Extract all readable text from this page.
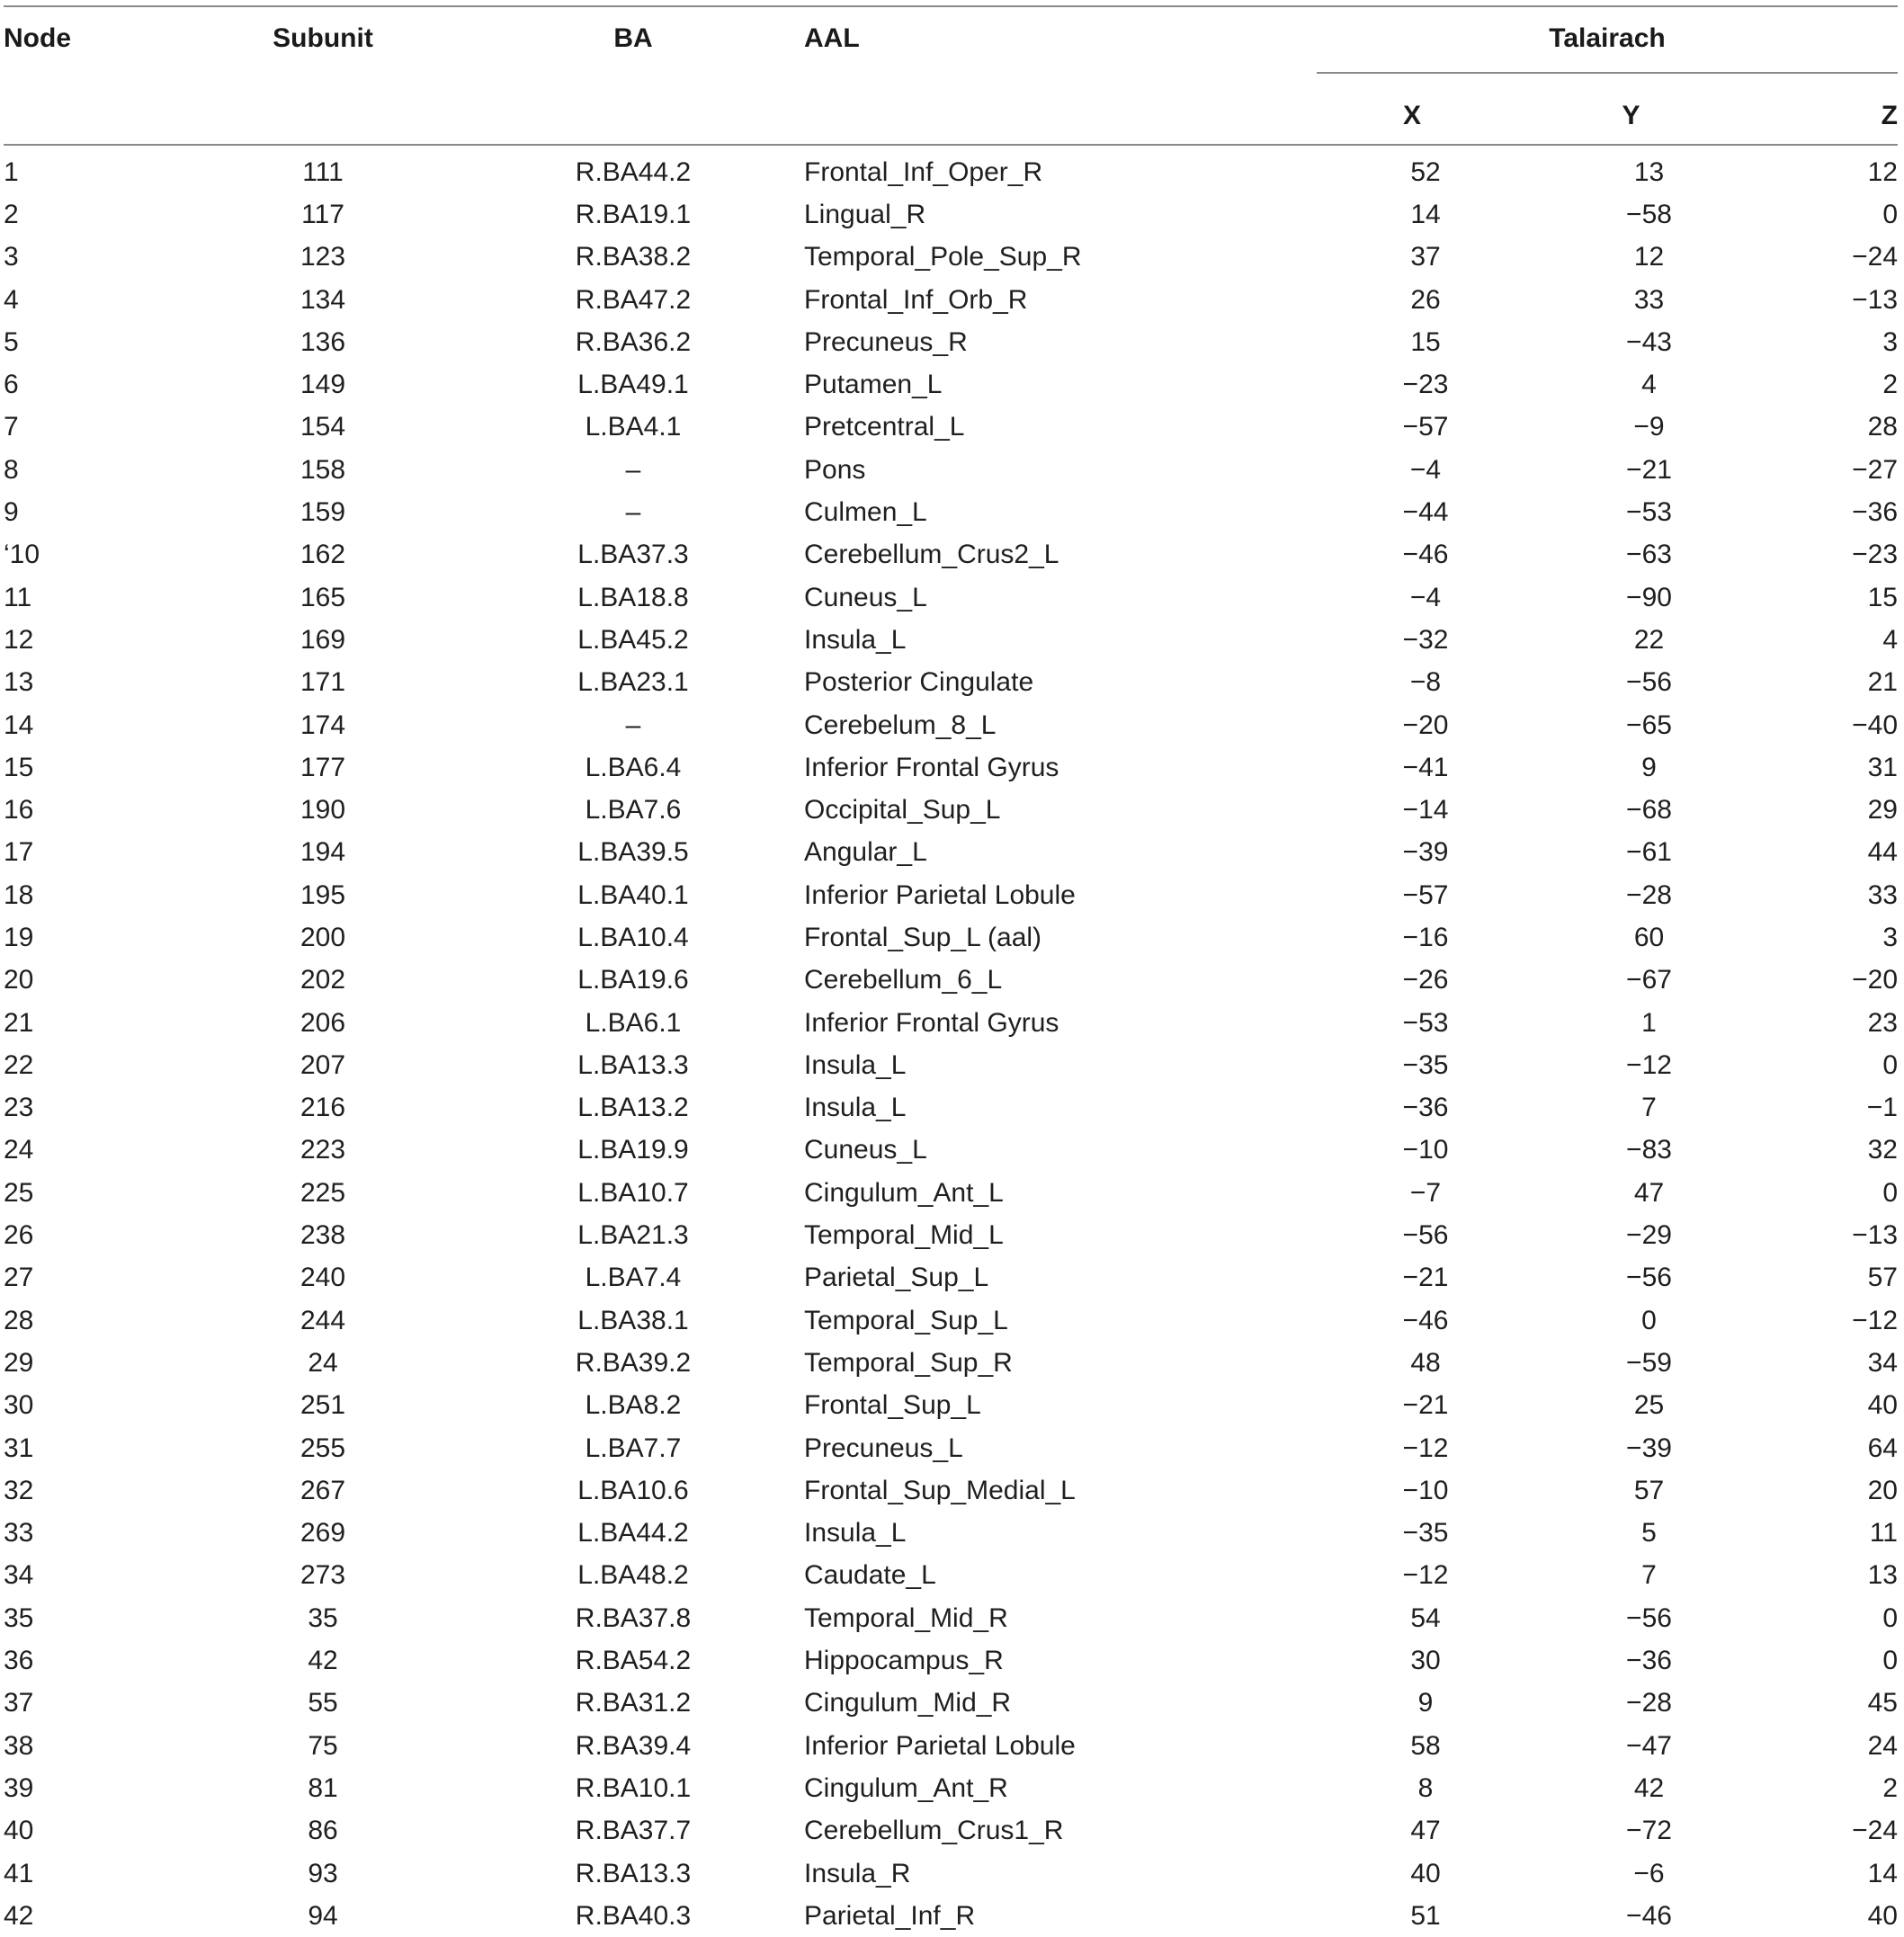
Node	Subunit	BA	AAL	Talairach		
				X	Y	Z
1	111	R.BA44.2	Frontal_Inf_Oper_R	52	13	12
2	117	R.BA19.1	Lingual_R	14	−58	0
3	123	R.BA38.2	Temporal_Pole_Sup_R	37	12	−24
4	134	R.BA47.2	Frontal_Inf_Orb_R	26	33	−13
5	136	R.BA36.2	Precuneus_R	15	−43	3
6	149	L.BA49.1	Putamen_L	−23	4	2
7	154	L.BA4.1	Pretcentral_L	−57	−9	28
8	158	–	Pons	−4	−21	−27
9	159	–	Culmen_L	−44	−53	−36
‘10	162	L.BA37.3	Cerebellum_Crus2_L	−46	−63	−23
11	165	L.BA18.8	Cuneus_L	−4	−90	15
12	169	L.BA45.2	Insula_L	−32	22	4
13	171	L.BA23.1	Posterior Cingulate	−8	−56	21
14	174	–	Cerebelum_8_L	−20	−65	−40
15	177	L.BA6.4	Inferior Frontal Gyrus	−41	9	31
16	190	L.BA7.6	Occipital_Sup_L	−14	−68	29
17	194	L.BA39.5	Angular_L	−39	−61	44
18	195	L.BA40.1	Inferior Parietal Lobule	−57	−28	33
19	200	L.BA10.4	Frontal_Sup_L (aal)	−16	60	3
20	202	L.BA19.6	Cerebellum_6_L	−26	−67	−20
21	206	L.BA6.1	Inferior Frontal Gyrus	−53	1	23
22	207	L.BA13.3	Insula_L	−35	−12	0
23	216	L.BA13.2	Insula_L	−36	7	−1
24	223	L.BA19.9	Cuneus_L	−10	−83	32
25	225	L.BA10.7	Cingulum_Ant_L	−7	47	0
26	238	L.BA21.3	Temporal_Mid_L	−56	−29	−13
27	240	L.BA7.4	Parietal_Sup_L	−21	−56	57
28	244	L.BA38.1	Temporal_Sup_L	−46	0	−12
29	24	R.BA39.2	Temporal_Sup_R	48	−59	34
30	251	L.BA8.2	Frontal_Sup_L	−21	25	40
31	255	L.BA7.7	Precuneus_L	−12	−39	64
32	267	L.BA10.6	Frontal_Sup_Medial_L	−10	57	20
33	269	L.BA44.2	Insula_L	−35	5	11
34	273	L.BA48.2	Caudate_L	−12	7	13
35	35	R.BA37.8	Temporal_Mid_R	54	−56	0
36	42	R.BA54.2	Hippocampus_R	30	−36	0
37	55	R.BA31.2	Cingulum_Mid_R	9	−28	45
38	75	R.BA39.4	Inferior Parietal Lobule	58	−47	24
39	81	R.BA10.1	Cingulum_Ant_R	8	42	2
40	86	R.BA37.7	Cerebellum_Crus1_R	47	−72	−24
41	93	R.BA13.3	Insula_R	40	−6	14
42	94	R.BA40.3	Parietal_Inf_R	51	−46	40
